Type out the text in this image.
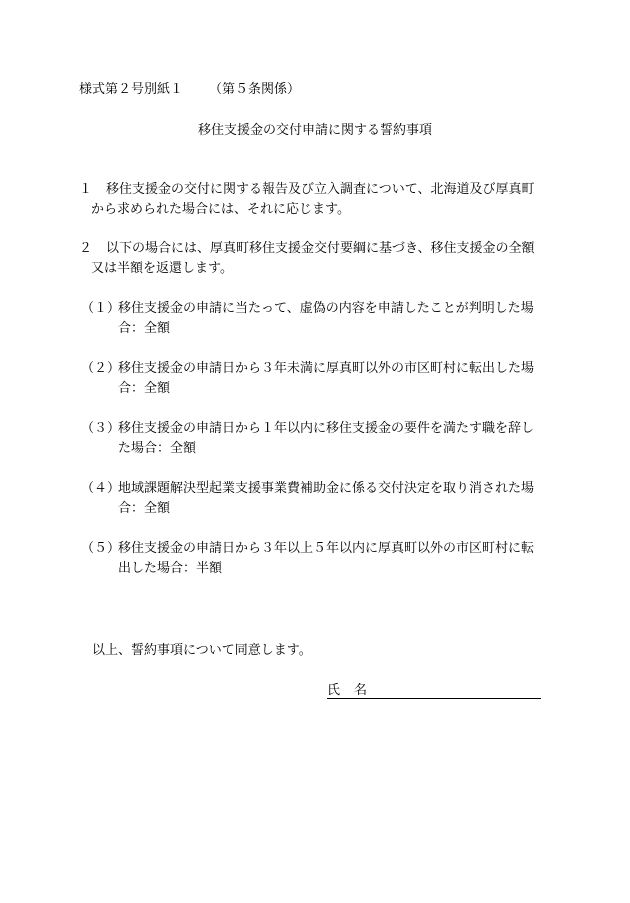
様式第２号別紙１ （第５条関係）
移住支援金の交付申請に関する誓約事項
１ 移住支援金の交付に関する報告及び立入調査について、北海道及び厚真町
から求められた場合には、それに応じます。
２ 以下の場合には、厚真町移住支援金交付要綱に基づき、移住支援金の全額
又は半額を返還します。
（１）
移住支援金の申請に当たって、虚偽の内容を申請したことが判明した場
合：全額
（２）
移住支援金の申請日から３年未満に厚真町以外の市区町村に転出した場
合：全額
（３）
移住支援金の申請日から１年以内に移住支援金の要件を満たす職を辞し
た場合：全額
（４）
地域課題解決型起業支援事業費補助金に係る交付決定を取り消された場
合：全額
（５）
移住支援金の申請日から３年以上５年以内に厚真町以外の市区町村に転
出した場合：半額
以上、誓約事項について同意します。
氏 名
